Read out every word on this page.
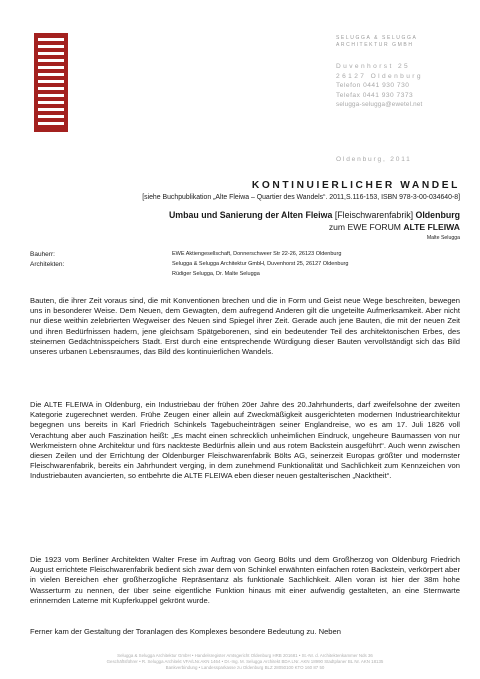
SELUGGA & SELUGGA
ARCHITEKTUR GMBH
Duvenhorst 25
26127 Oldenburg
Telefon 0441 930 730
Telefax 0441 930 7373
selugga-selugga@ewetel.net
Oldenburg, 2011
KONTINUIERLICHER WANDEL
[siehe Buchpublikation „Alte Fleiwa – Quartier des Wandels“. 2011,S.116-153, ISBN 978-3-00-034640-8]
Umbau und Sanierung der Alten Fleiwa [Fleischwarenfabrik] Oldenburg
zum EWE FORUM ALTE FLEIWA
Malte Selugga
Bauherr:	EWE Aktiengesellschaft, Donnerschweer Str 22-26, 26123 Oldenburg
Architekten:	Selugga & Selugga Architektur GmbH, Duvenhorst 25, 26127 Oldenburg
Rüdiger Selugga, Dr. Malte Selugga

Bauten, die ihrer Zeit voraus sind, die mit Konventionen brechen und die in Form und Geist neue Wege beschreiten, bewegen uns in besonderer Weise. Dem Neuen, dem Gewagten, dem aufregend Anderen gilt die ungeteilte Aufmerksamkeit. Aber nicht nur diese weithin zelebrierten Wegweiser des Neuen sind Spiegel ihrer Zeit. Gerade auch jene Bauten, die mit der neuen Zeit und ihren Bedürfnissen hadern, jene gleichsam Spätgeborenen, sind ein bedeutender Teil des architektonischen Erbes, des steinernen Gedächtnisspeichers Stadt. Erst durch eine entsprechende Würdigung dieser Bauten vervollständigt sich das Bild unseres urbanen Lebensraumes, das Bild des kontinuierlichen Wandels.

Die ALTE FLEIWA in Oldenburg, ein Industriebau der frühen 20er Jahre des 20.Jahrhunderts, darf zweifelsohne der zweiten Kategorie zugerechnet werden. Frühe Zeugen einer allein auf Zweckmäßigkeit ausgerichteten modernen Industriearchitektur begegnen uns bereits in Karl Friedrich Schinkels Tagebucheinträgen seiner Englandreise, wo es am 17. Juli 1826 voll Verachtung aber auch Faszination heißt: „Es macht einen schrecklich unheimlichen Eindruck, ungeheure Baumassen von nur Werkmeistern ohne Architektur und fürs nackteste Bedürfnis allein und aus rotem Backstein ausgeführt“. Auch wenn zwischen diesen Zeilen und der Errichtung der Oldenburger Fleischwarenfabrik Bölts AG, seinerzeit Europas größter und modernster Fleischwarenfabrik, bereits ein Jahrhundert verging, in dem zunehmend Funktionalität und Sachlichkeit zum Kennzeichen von Industriebauten avancierten, so entbehrte die ALTE FLEIWA eben dieser neuen gestalterischen „Nacktheit“.

Die 1923 vom Berliner Architekten Walter Frese im Auftrag von Georg Bölts und dem Großherzog von Oldenburg Friedrich August errichtete Fleischwarenfabrik bedient sich zwar dem von Schinkel erwähnten einfachen roten Backstein, verkörpert aber in vielen Bereichen eher großherzogliche Repräsentanz als funktionale Sachlichkeit. Allen voran ist hier der 38m hohe Wasserturm zu nennen, der über seine eigentliche Funktion hinaus mit einer aufwendig gestalteten, an eine Sternwarte erinnernden Laterne mit Kupferkuppel gekrönt wurde.

Ferner kam der Gestaltung der Toranlagen des Komplexes besondere Bedeutung zu. Neben

Selugga & Selugga Architektur GmbH • Handelsregister Amtsgericht Oldenburg HRB 201681 • St.-Nr. d. Architektenkammer Nds 36
Geschäftsführer • R. Selugga Architekt VFA/LNr.AKN 1464 • Dr.-Ing. M. Selugga Architekt BDA LNr. AKN 18990 Stadtplaner BL Nr. AKN 18135
Bankverbindung • Landessparkasse zu Oldenburg BLZ 28050100 KTO 160 87 50
